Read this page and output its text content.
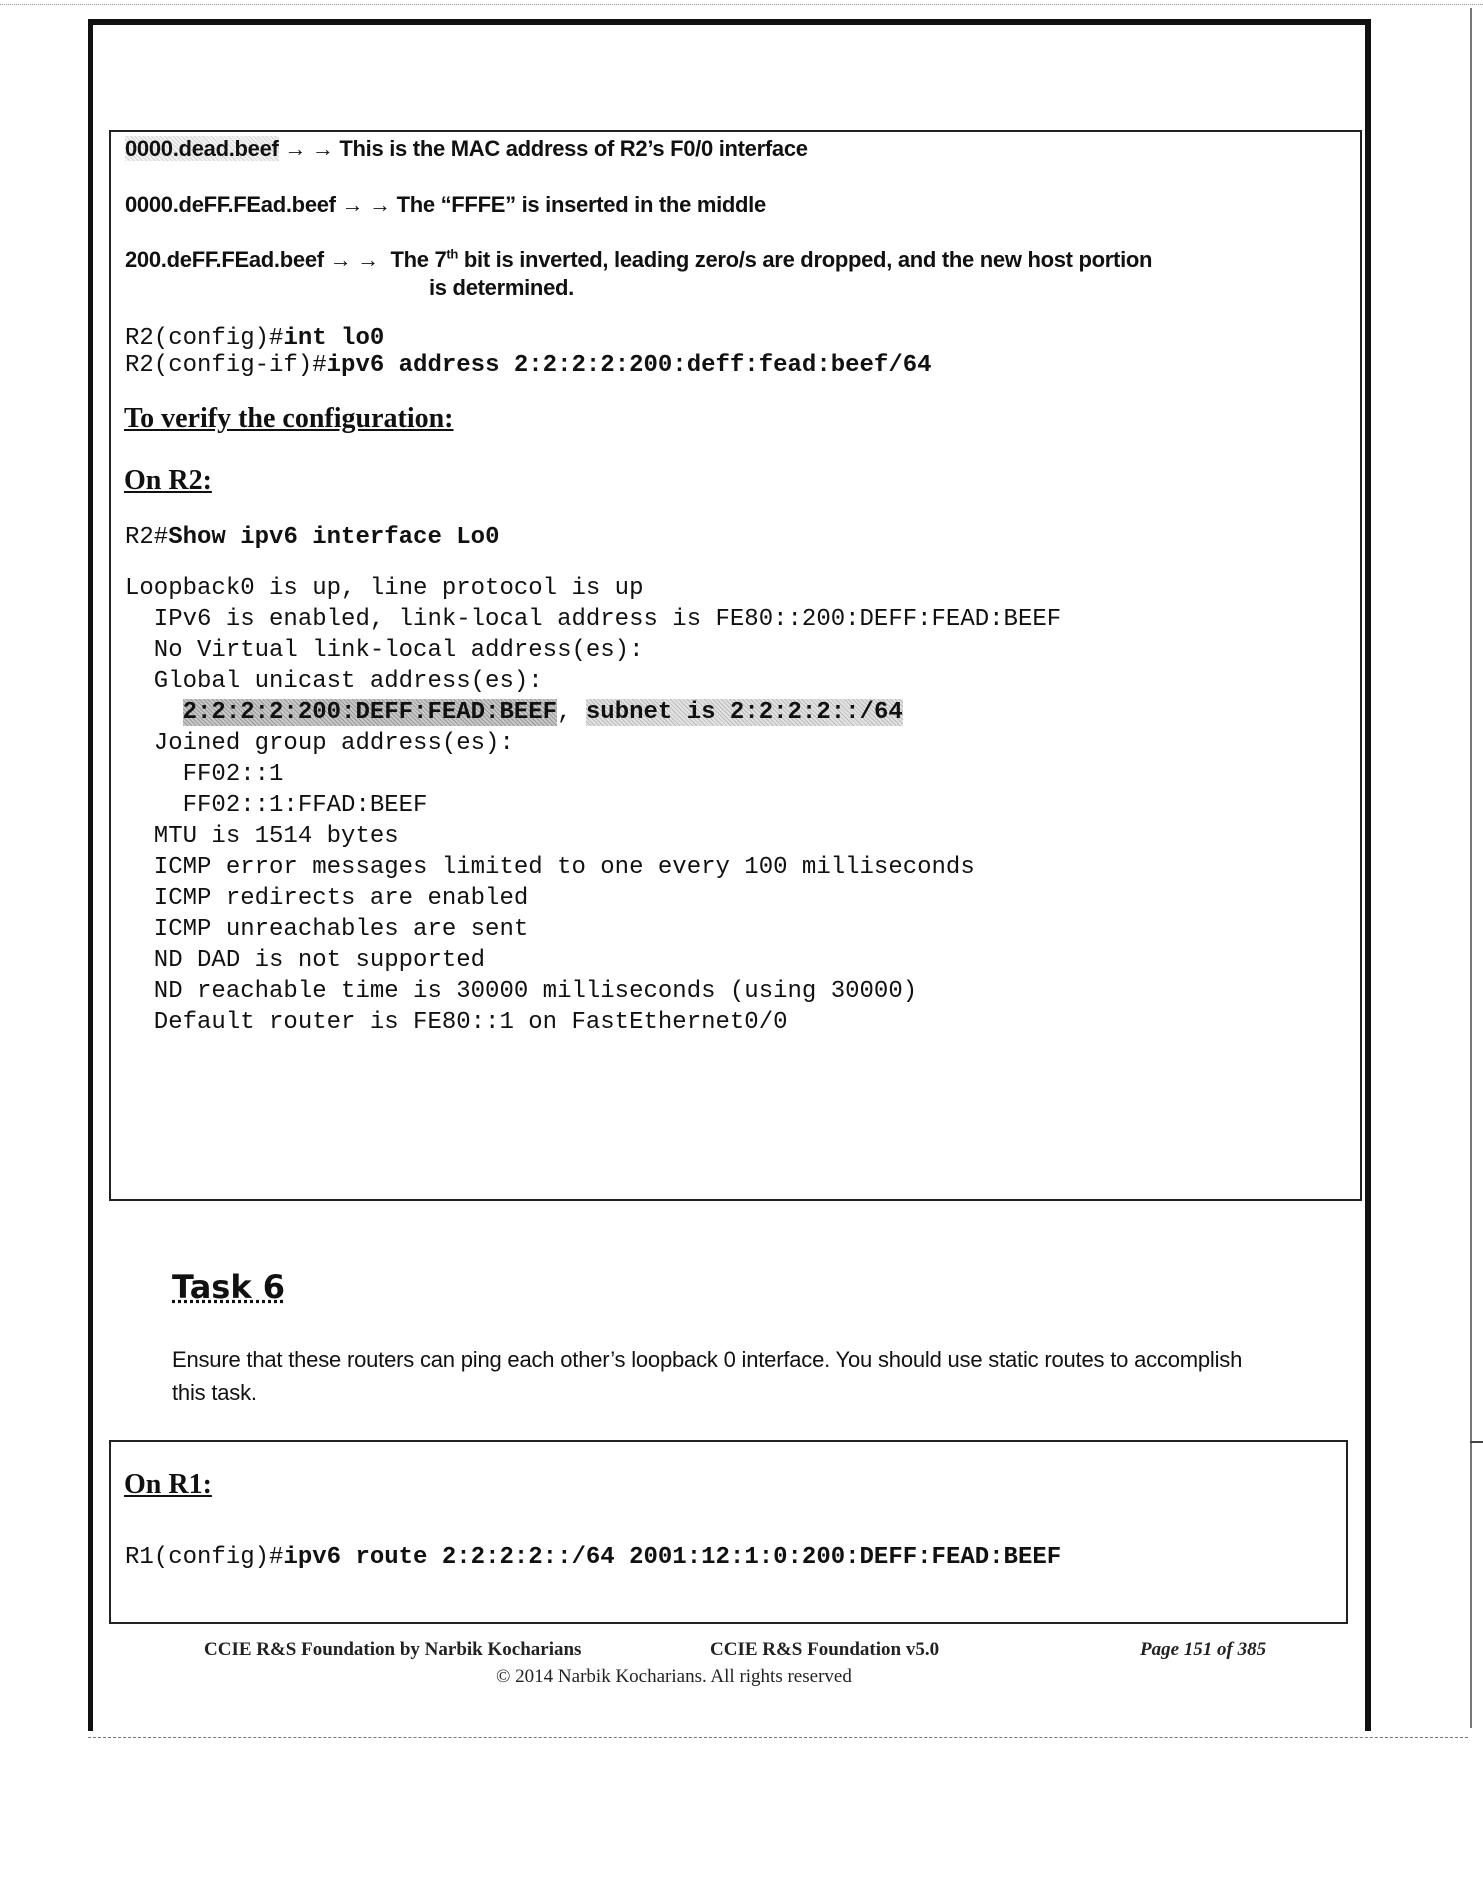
0000.dead.beef → → This is the MAC address of R2’s F0/0 interface
0000.deFF.FEad.beef → → The “FFFE” is inserted in the middle
200.deFF.FEad.beef → → The 7th bit is inverted, leading zero/s are dropped, and the new host portion
is determined.
R2(config)#int lo0
R2(config-if)#ipv6 address 2:2:2:2:200:deff:fead:beef/64
To verify the configuration:
On R2:
R2#Show ipv6 interface Lo0
Loopback0 is up, line protocol is up
IPv6 is enabled, link-local address is FE80::200:DEFF:FEAD:BEEF
No Virtual link-local address(es):
Global unicast address(es):
2:2:2:2:200:DEFF:FEAD:BEEF, subnet is 2:2:2:2::/64
Joined group address(es):
FF02::1
FF02::1:FFAD:BEEF
MTU is 1514 bytes
ICMP error messages limited to one every 100 milliseconds
ICMP redirects are enabled
ICMP unreachables are sent
ND DAD is not supported
ND reachable time is 30000 milliseconds (using 30000)
Default router is FE80::1 on FastEthernet0/0
Task 6
Ensure that these routers can ping each other’s loopback 0 interface. You should use static routes to accomplish this task.
On R1:
R1(config)#ipv6 route 2:2:2:2::/64 2001:12:1:0:200:DEFF:FEAD:BEEF
CCIE R&S Foundation by Narbik Kocharians	CCIE R&S Foundation v5.0	Page 151 of 385
© 2014 Narbik Kocharians. All rights reserved
